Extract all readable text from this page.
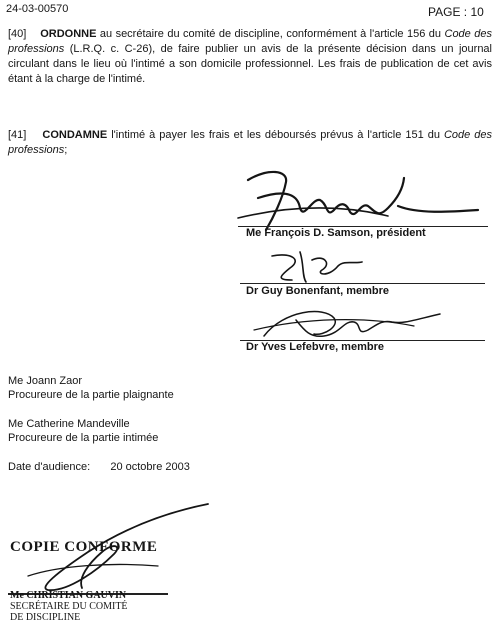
24-03-00570	PAGE : 10
[40] ORDONNE au secrétaire du comité de discipline, conformément à l'article 156 du Code des professions (L.R.Q. c. C-26), de faire publier un avis de la présente décision dans un journal circulant dans le lieu où l'intimé a son domicile professionnel. Les frais de publication de cet avis étant à la charge de l'intimé.
[41] CONDAMNE l'intimé à payer les frais et les déboursés prévus à l'article 151 du Code des professions;
Me François D. Samson, président
Dr Guy Bonenfant, membre
Dr Yves Lefebvre, membre
Me Joann Zaor
Procureure de la partie plaignante
Me Catherine Mandeville
Procureure de la partie intimée
Date d'audience: 20 octobre 2003
COPIE CONFORME
Me CHRISTIAN GAUVIN
SECRÉTAIRE DU COMITÉ
DE DISCIPLINE
